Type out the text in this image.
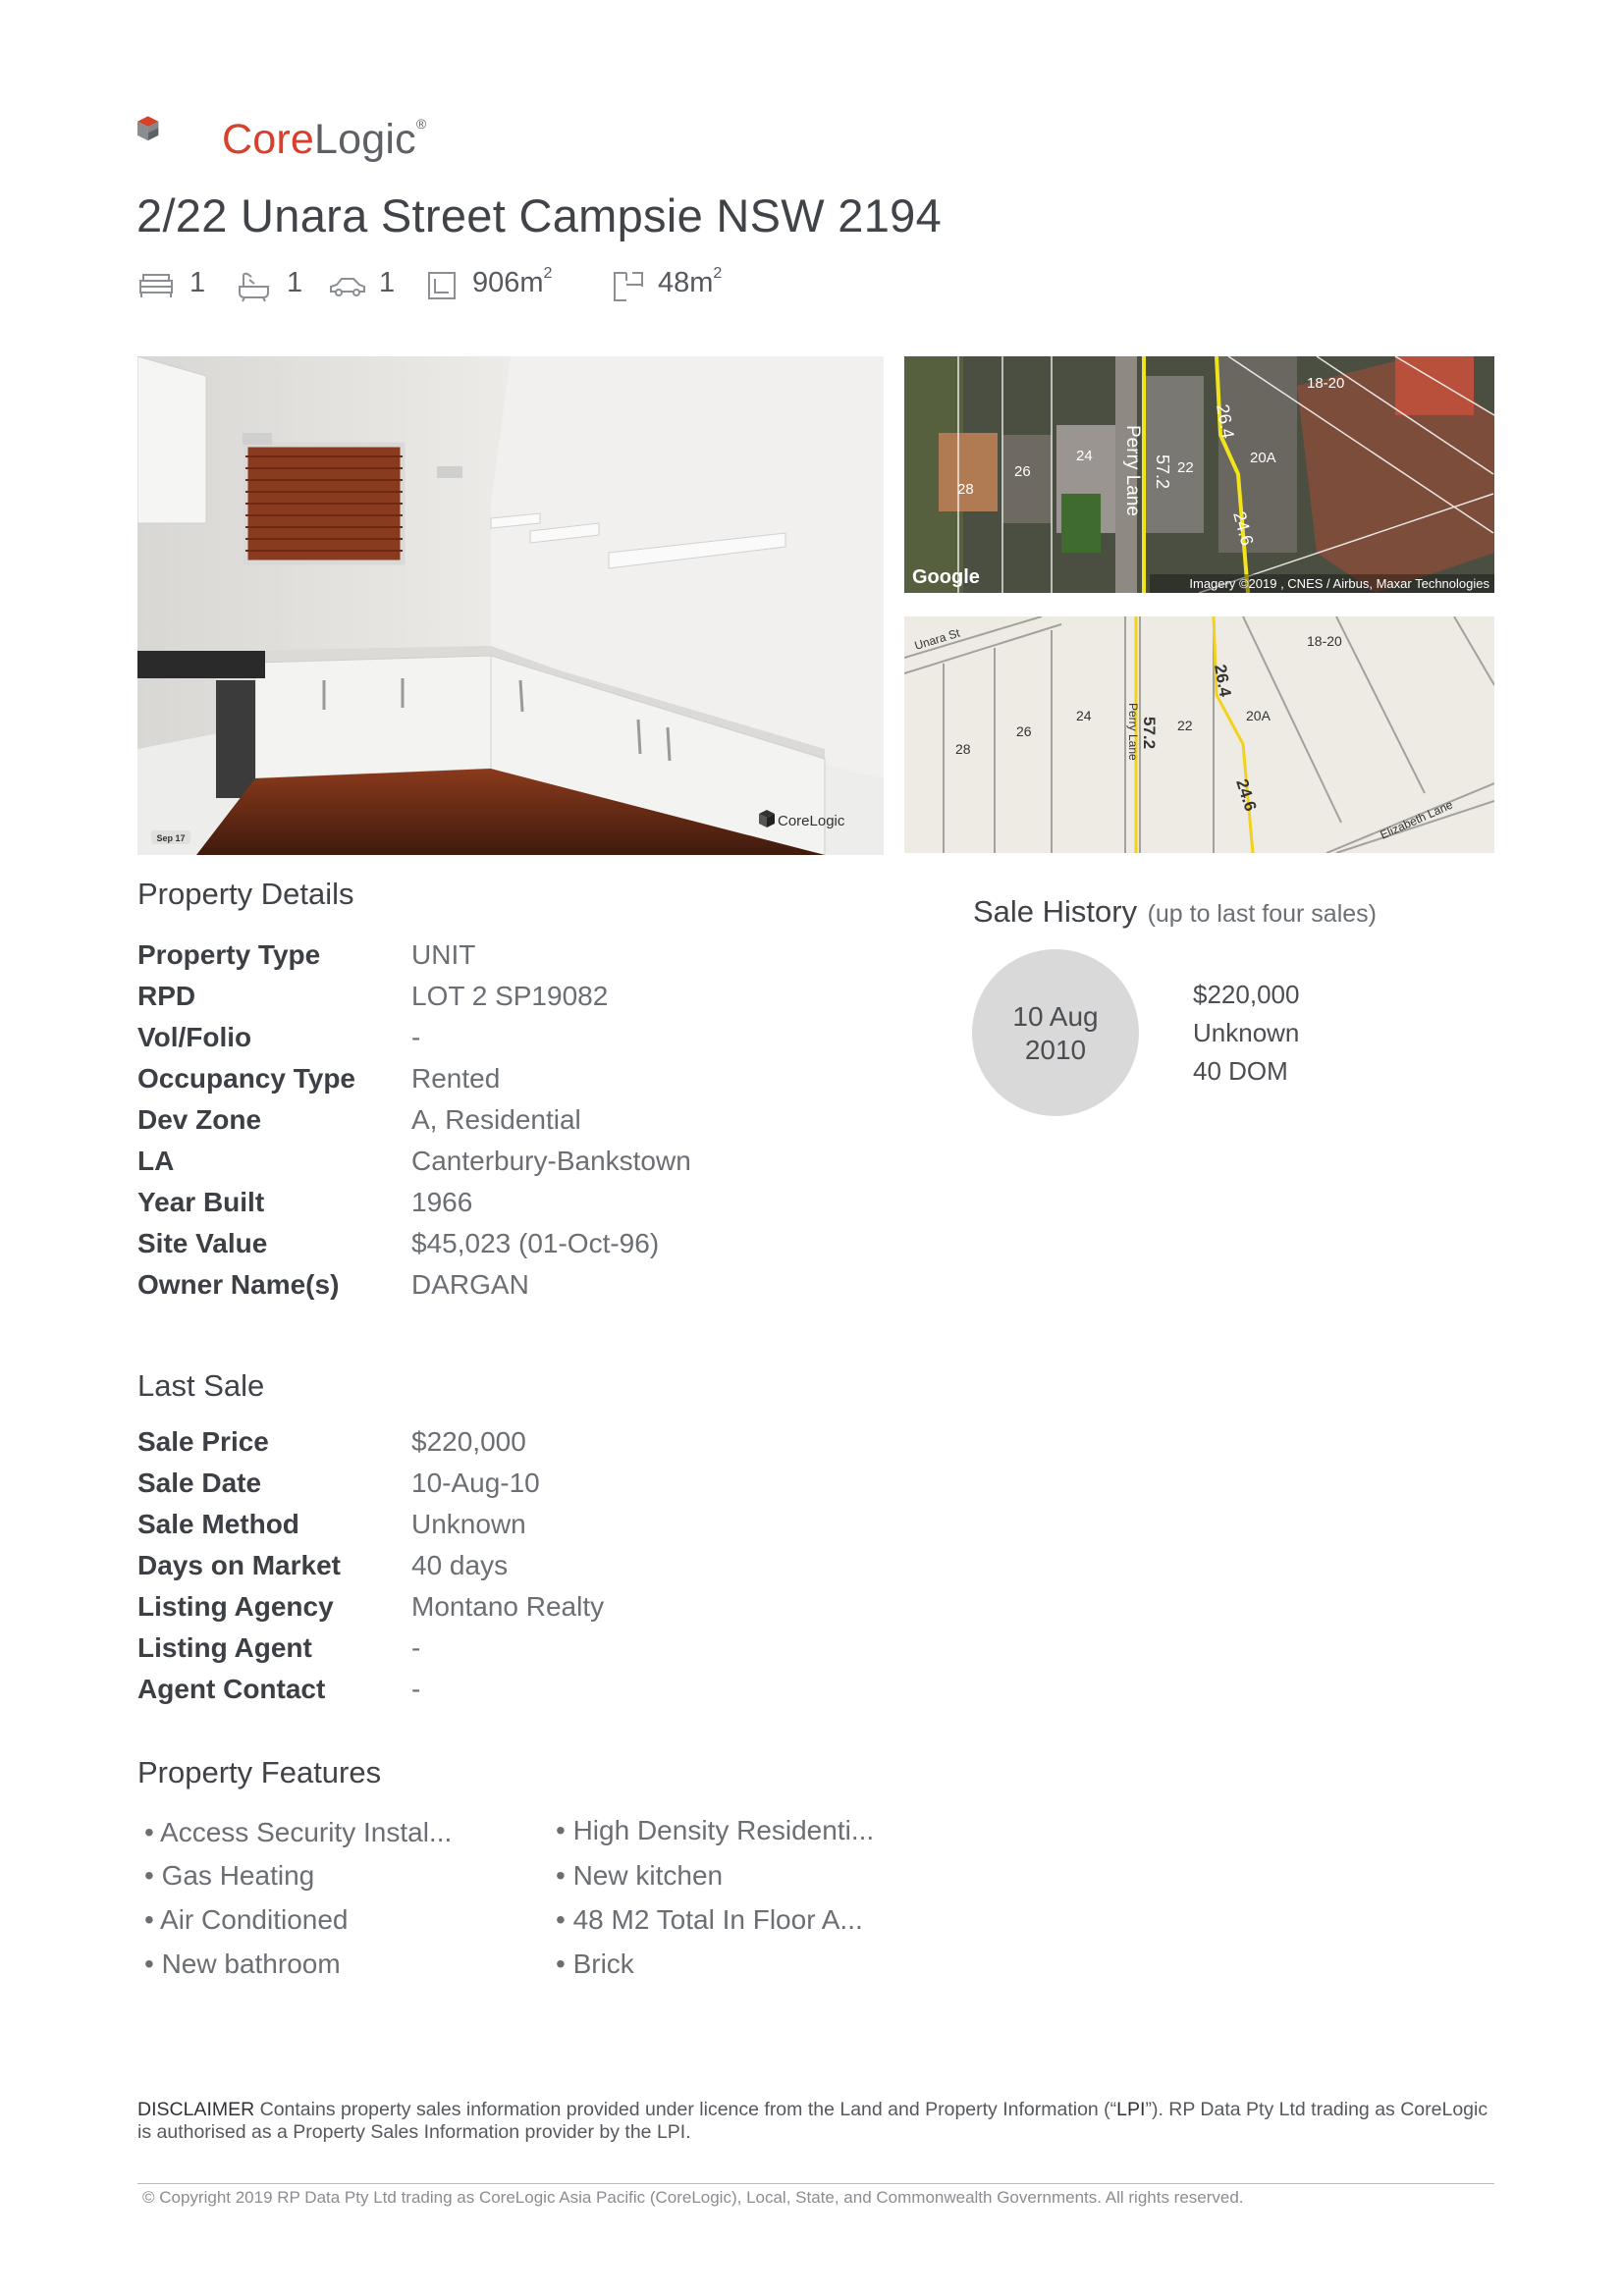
CoreLogic®
2/22 Unara Street Campsie NSW 2194
1	1	1	$906m^2$	$48m^2$
Sep 17
CoreLogic
28
26
24 Perry Lane 57.2 22
26.4
20A
18-20
24.6
Google	Imagery ©2019 , CNES / Airbus, Maxar Technologies
Unara St
28
26
24	Perry Lane 57.2 22
26.4
20A
18-20
24.6
Elizabeth Lane
Property Details
Property Type	UNIT
RPD	LOT 2 SP19082
Vol/Folio	-
Occupancy Type Rented
Dev Zone	A, Residential
LA	Canterbury-Bankstown
Year Built	1966
Site Value	$45,023 (01-Oct-96)
Owner Name(s)	DARGAN
Sale History (up to last four sales)
10 Aug
2010
$220,000
Unknown
40 DOM
Last Sale
Sale Price	$220,000
Sale Date	10-Aug-10
Sale Method	Unknown
Days on Market	40 days
Listing Agency	Montano Realty
Listing Agent	-
Agent Contact	-
Property Features
• Access Security Instal...
• Gas Heating
• Air Conditioned
• New bathroom
• High Density Residenti...
• New kitchen
• 48 M2 Total In Floor A...
• Brick
DISCLAIMER Contains property sales information provided under licence from the Land and Property Information (“LPI”). RP Data Pty Ltd trading as CoreLogic is authorised as a Property Sales Information provider by the LPI.
© Copyright 2019 RP Data Pty Ltd trading as CoreLogic Asia Pacific (CoreLogic), Local, State, and Commonwealth Governments. All rights reserved.
